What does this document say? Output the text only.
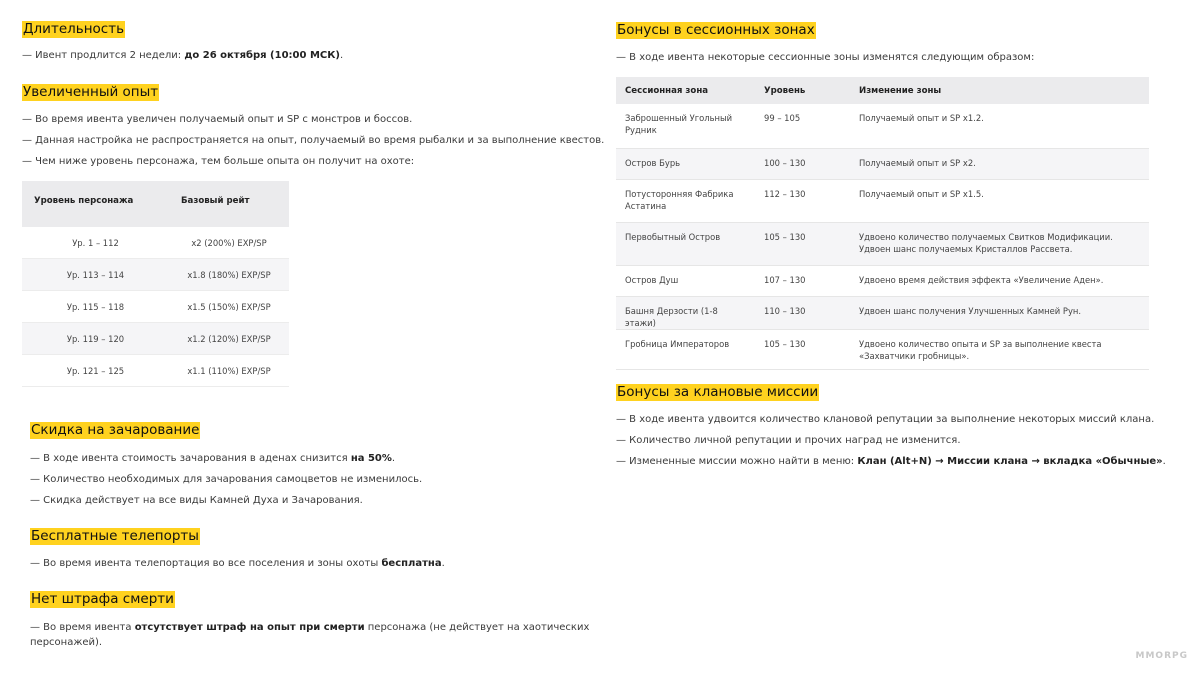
Длительность
— Ивент продлится 2 недели: до 26 октября (10:00 МСК).
Увеличенный опыт
— Во время ивента увеличен получаемый опыт и SP с монстров и боссов.
— Данная настройка не распространяется на опыт, получаемый во время рыбалки и за выполнение квестов.
— Чем ниже уровень персонажа, тем больше опыта он получит на охоте:
Уровень персонажа	Базовый рейт
Ур. 1 – 112	x2 (200%) EXP/SP
Ур. 113 – 114	x1.8 (180%) EXP/SP
Ур. 115 – 118	x1.5 (150%) EXP/SP
Ур. 119 – 120	x1.2 (120%) EXP/SP
Ур. 121 – 125	x1.1 (110%) EXP/SP
Скидка на зачарование
— В ходе ивента стоимость зачарования в аденах снизится на 50%.
— Количество необходимых для зачарования самоцветов не изменилось.
— Скидка действует на все виды Камней Духа и Зачарования.
Бесплатные телепорты
— Во время ивента телепортация во все поселения и зоны охоты бесплатна.
Нет штрафа смерти
— Во время ивента отсутствует штраф на опыт при смерти персонажа (не действует на хаотических
персонажей).
Бонусы в сессионных зонах
— В ходе ивента некоторые сессионные зоны изменятся следующим образом:
Сессионная зона	Уровень	Изменение зоны
Заброшенный Угольный
Рудник	99 – 105	Получаемый опыт и SP x1.2.
Остров Бурь	100 – 130	Получаемый опыт и SP x2.
Потусторонняя Фабрика
Астатина	112 – 130	Получаемый опыт и SP x1.5.
Первобытный Остров	105 – 130	Удвоено количество получаемых Свитков Модификации.
Удвоен шанс получаемых Кристаллов Рассвета.
Остров Душ	107 – 130	Удвоено время действия эффекта «Увеличение Аден».
Башня Дерзости (1-8 этажи)	110 – 130	Удвоен шанс получения Улучшенных Камней Рун.
Гробница Императоров	105 – 130	Удвоено количество опыта и SP за выполнение квеста
«Захватчики гробницы».
Бонусы за клановые миссии
— В ходе ивента удвоится количество клановой репутации за выполнение некоторых миссий клана.
— Количество личной репутации и прочих наград не изменится.
— Измененные миссии можно найти в меню: Клан (Alt+N) → Миссии клана → вкладка «Обычные».
MMORPG
